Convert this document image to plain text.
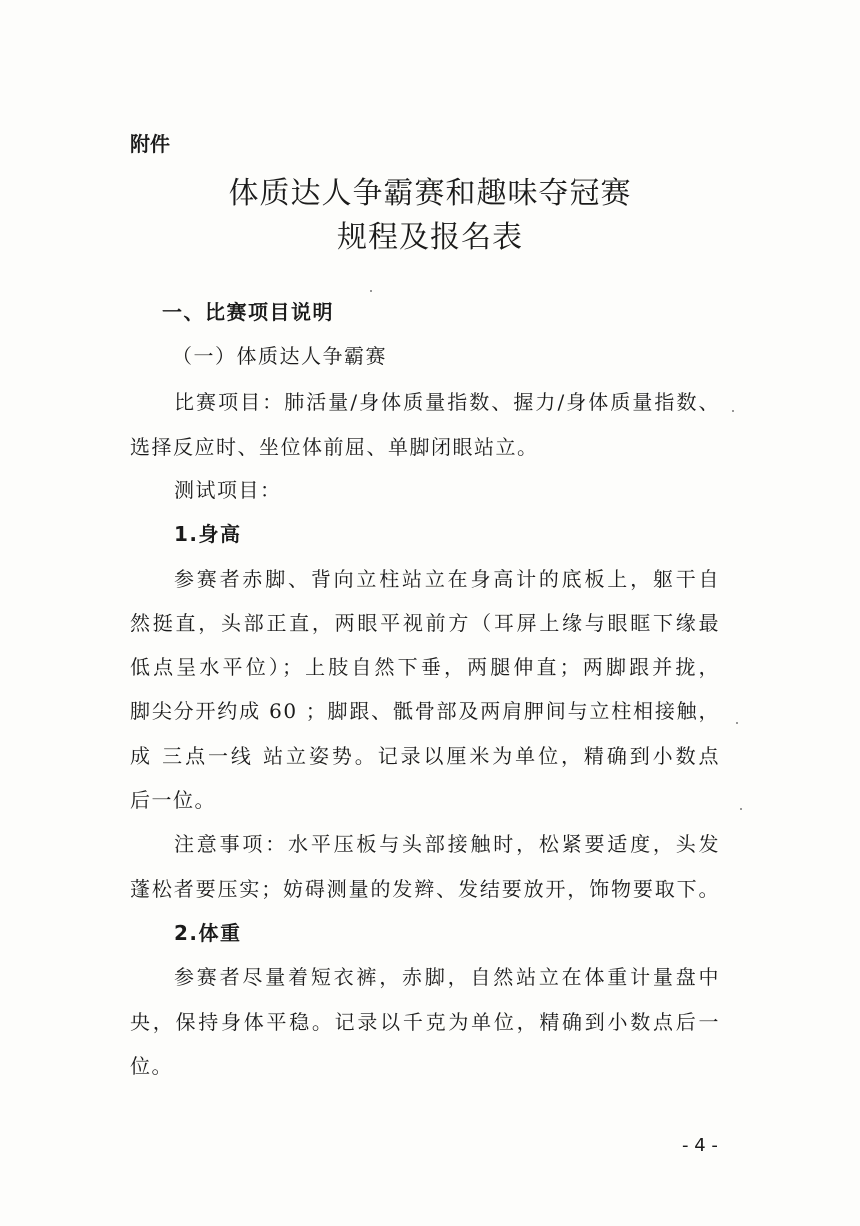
附件
体质达人争霸赛和趣味夺冠赛
规程及报名表
一、比赛项目说明
（一）体质达人争霸赛
比赛项目：肺活量/身体质量指数、握力/身体质量指数、
选择反应时、坐位体前屈、单脚闭眼站立。
测试项目：
1.身高
参赛者赤脚、背向立柱站立在身高计的底板上，躯干自
然挺直，头部正直，两眼平视前方（耳屏上缘与眼眶下缘最
低点呈水平位）；上肢自然下垂，两腿伸直；两脚跟并拢，
脚尖分开约成 60 ；脚跟、骶骨部及两肩胛间与立柱相接触，
成 三点一线 站立姿势。记录以厘米为单位，精确到小数点
后一位。
注意事项：水平压板与头部接触时，松紧要适度，头发
蓬松者要压实；妨碍测量的发辫、发结要放开，饰物要取下。
2.体重
参赛者尽量着短衣裤，赤脚，自然站立在体重计量盘中
央，保持身体平稳。记录以千克为单位，精确到小数点后一
位。
- 4 -
